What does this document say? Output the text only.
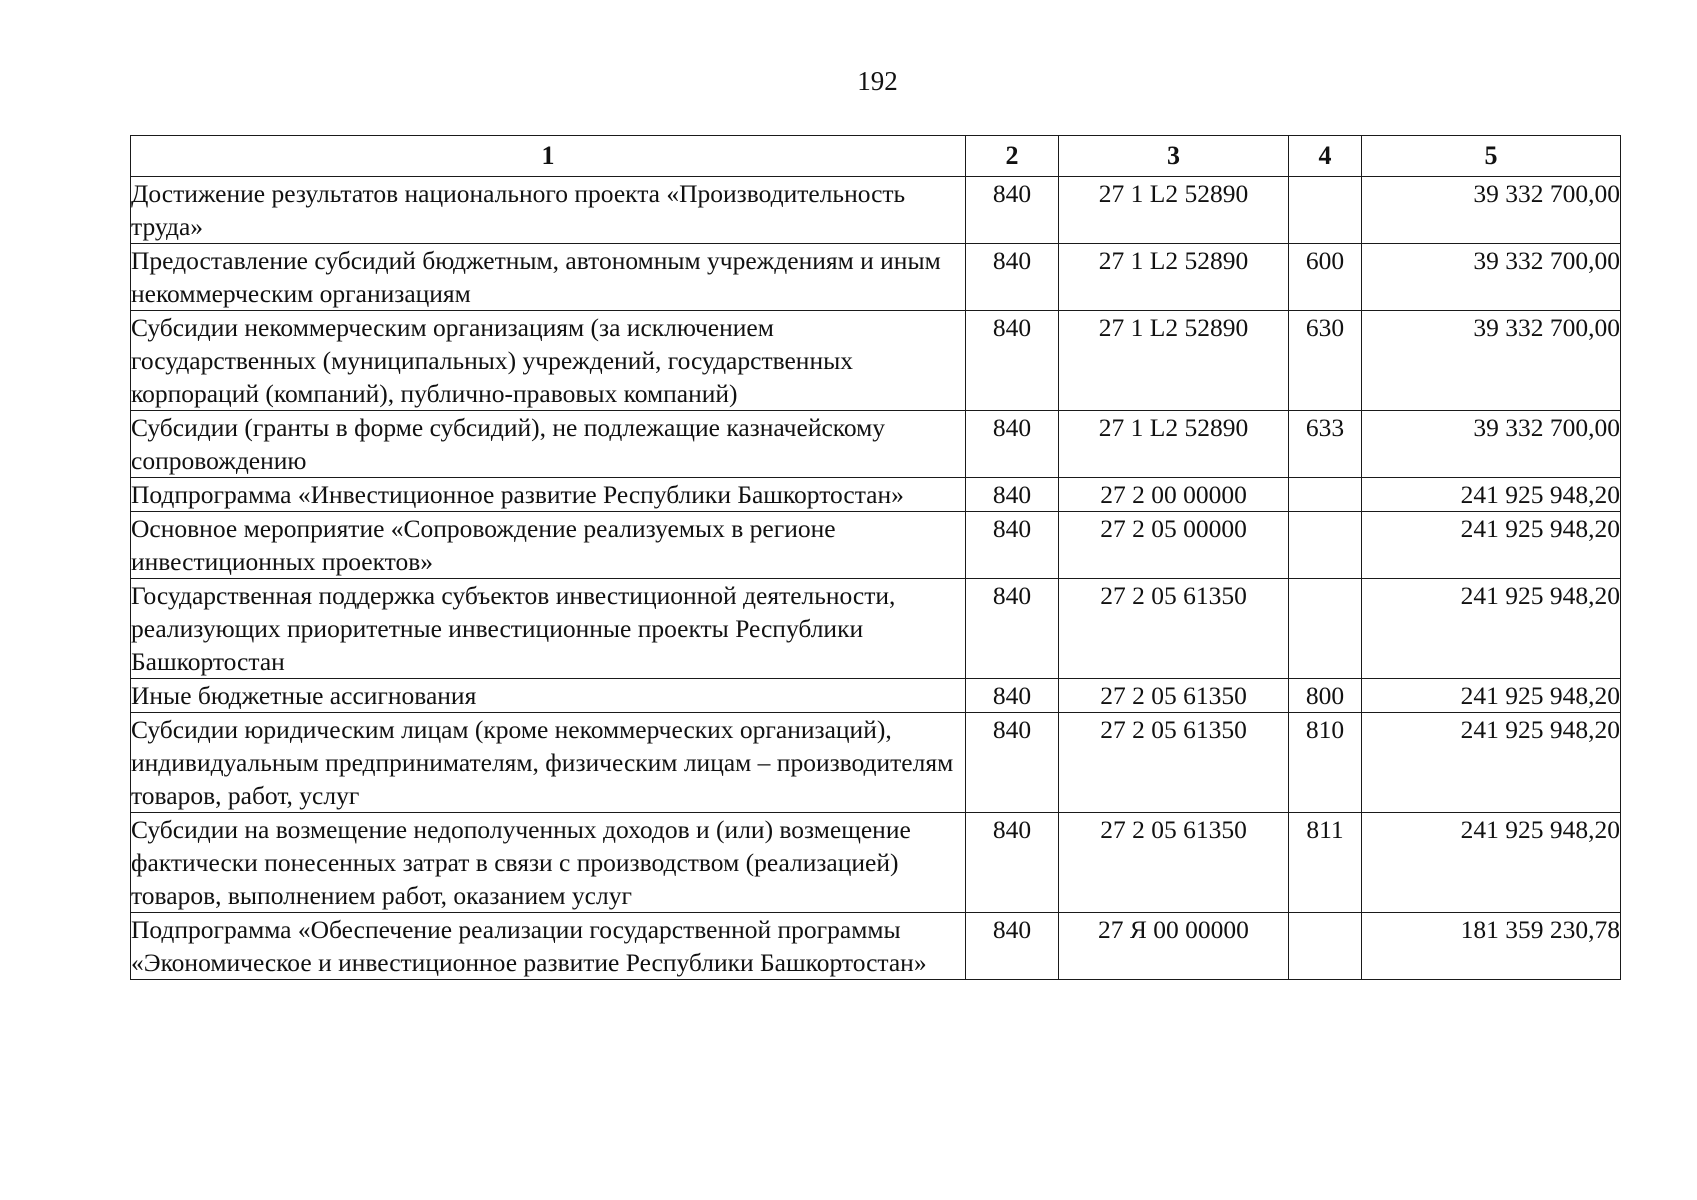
192
1	2	3	4	5
Достижение результатов национального проекта «Производительность труда»	840	27 1 L2 52890		39 332 700,00
Предоставление субсидий бюджетным, автономным учреждениям и иным некоммерческим организациям	840	27 1 L2 52890	600	39 332 700,00
Субсидии некоммерческим организациям (за исключением государственных (муниципальных) учреждений, государственных корпораций (компаний), публично-правовых компаний)	840	27 1 L2 52890	630	39 332 700,00
Субсидии (гранты в форме субсидий), не подлежащие казначейскому сопровождению	840	27 1 L2 52890	633	39 332 700,00
Подпрограмма «Инвестиционное развитие Республики Башкортостан»	840	27 2 00 00000		241 925 948,20
Основное мероприятие «Сопровождение реализуемых в регионе инвестиционных проектов»	840	27 2 05 00000		241 925 948,20
Государственная поддержка субъектов инвестиционной деятельности, реализующих приоритетные инвестиционные проекты Республики Башкортостан	840	27 2 05 61350		241 925 948,20
Иные бюджетные ассигнования	840	27 2 05 61350	800	241 925 948,20
Субсидии юридическим лицам (кроме некоммерческих организаций), индивидуальным предпринимателям, физическим лицам – производителям товаров, работ, услуг	840	27 2 05 61350	810	241 925 948,20
Субсидии на возмещение недополученных доходов и (или) возмещение фактически понесенных затрат в связи с производством (реализацией) товаров, выполнением работ, оказанием услуг	840	27 2 05 61350	811	241 925 948,20
Подпрограмма «Обеспечение реализации государственной программы «Экономическое и инвестиционное развитие Республики Башкортостан»	840	27 Я 00 00000		181 359 230,78
